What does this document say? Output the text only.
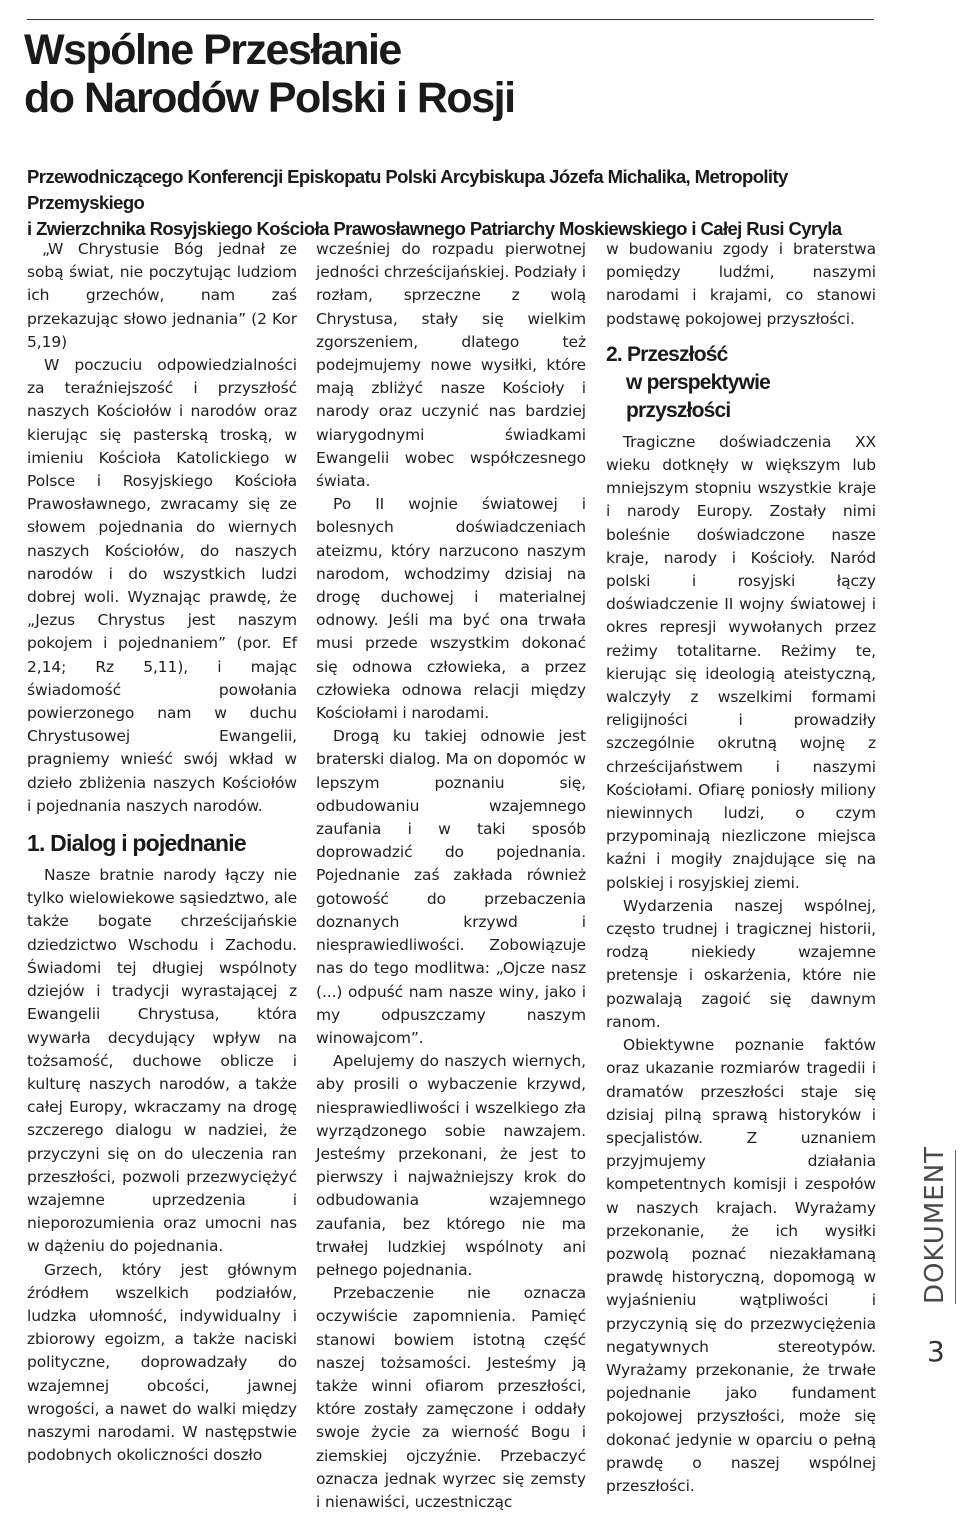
Wspólne Przesłanie
do Narodów Polski i Rosji

Przewodniczącego Konferencji Episkopatu Polski Arcybiskupa Józefa Michalika, Metropolity Przemyskiego
i Zwierzchnika Rosyjskiego Kościoła Prawosławnego Patriarchy Moskiewskiego i Całej Rusi Cyryla

„W Chrystusie Bóg jednał ze sobą świat, nie poczytując ludziom ich grzechów, nam zaś przekazując słowo jednania” (2 Kor 5,19)

W poczuciu odpowiedzialności za teraźniejszość i przyszłość naszych Kościołów i narodów oraz kierując się pasterską troską, w imieniu Kościoła Katolickiego w Polsce i Rosyjskiego Kościoła Prawosławnego, zwracamy się ze słowem pojednania do wiernych naszych Kościołów, do naszych narodów i do wszystkich ludzi dobrej woli. Wyznając prawdę, że „Jezus Chrystus jest naszym pokojem i pojednaniem” (por. Ef 2,14; Rz 5,11), i mając świadomość powołania powierzonego nam w duchu Chrystusowej Ewangelii, pragniemy wnieść swój wkład w dzieło zbliżenia naszych Kościołów i pojednania naszych narodów.

1. Dialog i pojednanie

Nasze bratnie narody łączy nie tylko wielowiekowe sąsiedztwo, ale także bogate chrześcijańskie dziedzictwo Wschodu i Zachodu. Świadomi tej długiej wspólnoty dziejów i tradycji wyrastającej z Ewangelii Chrystusa, która wywarła decydujący wpływ na tożsamość, duchowe oblicze i kulturę naszych narodów, a także całej Europy, wkraczamy na drogę szczerego dialogu w nadziei, że przyczyni się on do uleczenia ran przeszłości, pozwoli przezwyciężyć wzajemne uprzedzenia i nieporozumienia oraz umocni nas w dążeniu do pojednania.

Grzech, który jest głównym źródłem wszelkich podziałów, ludzka ułomność, indywidualny i zbiorowy egoizm, a także naciski polityczne, doprowadzały do wzajemnej obcości, jawnej wrogości, a nawet do walki między naszymi narodami. W następstwie podobnych okoliczności doszło

wcześniej do rozpadu pierwotnej jedności chrześcijańskiej. Podziały i rozłam, sprzeczne z wolą Chrystusa, stały się wielkim zgorszeniem, dlatego też podejmujemy nowe wysiłki, które mają zbliżyć nasze Kościoły i narody oraz uczynić nas bardziej wiarygodnymi świadkami Ewangelii wobec współczesnego świata.

Po II wojnie światowej i bolesnych doświadczeniach ateizmu, który narzucono naszym narodom, wchodzimy dzisiaj na drogę duchowej i materialnej odnowy. Jeśli ma być ona trwała musi przede wszystkim dokonać się odnowa człowieka, a przez człowieka odnowa relacji między Kościołami i narodami.

Drogą ku takiej odnowie jest braterski dialog. Ma on dopomóc w lepszym poznaniu się, odbudowaniu wzajemnego zaufania i w taki sposób doprowadzić do pojednania. Pojednanie zaś zakłada również gotowość do przebaczenia doznanych krzywd i niesprawiedliwości. Zobowiązuje nas do tego modlitwa: „Ojcze nasz (...) odpuść nam nasze winy, jako i my odpuszczamy naszym winowajcom”.

Apelujemy do naszych wiernych, aby prosili o wybaczenie krzywd, niesprawiedliwości i wszelkiego zła wyrządzonego sobie nawzajem. Jesteśmy przekonani, że jest to pierwszy i najważniejszy krok do odbudowania wzajemnego zaufania, bez którego nie ma trwałej ludzkiej wspólnoty ani pełnego pojednania.

Przebaczenie nie oznacza oczywiście zapomnienia. Pamięć stanowi bowiem istotną część naszej tożsamości. Jesteśmy ją także winni ofiarom przeszłości, które zostały zamęczone i oddały swoje życie za wierność Bogu i ziemskiej ojczyźnie. Przebaczyć oznacza jednak wyrzec się zemsty i nienawiści, uczestnicząc

w budowaniu zgody i braterstwa pomiędzy ludźmi, naszymi narodami i krajami, co stanowi podstawę pokojowej przyszłości.

2. Przeszłość
w perspektywie przyszłości

Tragiczne doświadczenia XX wieku dotknęły w większym lub mniejszym stopniu wszystkie kraje i narody Europy. Zostały nimi boleśnie doświadczone nasze kraje, narody i Kościoły. Naród polski i rosyjski łączy doświadczenie II wojny światowej i okres represji wywołanych przez reżimy totalitarne. Reżimy te, kierując się ideologią ateistyczną, walczyły z wszelkimi formami religijności i prowadziły szczególnie okrutną wojnę z chrześcijaństwem i naszymi Kościołami. Ofiarę poniosły miliony niewinnych ludzi, o czym przypominają niezliczone miejsca kaźni i mogiły znajdujące się na polskiej i rosyjskiej ziemi.

Wydarzenia naszej wspólnej, często trudnej i tragicznej historii, rodzą niekiedy wzajemne pretensje i oskarżenia, które nie pozwalają zagoić się dawnym ranom.

Obiektywne poznanie faktów oraz ukazanie rozmiarów tragedii i dramatów przeszłości staje się dzisiaj pilną sprawą historyków i specjalistów. Z uznaniem przyjmujemy działania kompetentnych komisji i zespołów w naszych krajach. Wyrażamy przekonanie, że ich wysiłki pozwolą poznać niezakłamaną prawdę historyczną, dopomogą w wyjaśnieniu wątpliwości i przyczynią się do przezwyciężenia negatywnych stereotypów. Wyrażamy przekonanie, że trwałe pojednanie jako fundament pokojowej przyszłości, może się dokonać jedynie w oparciu o pełną prawdę o naszej wspólnej przeszłości.

DOKUMENT
3
